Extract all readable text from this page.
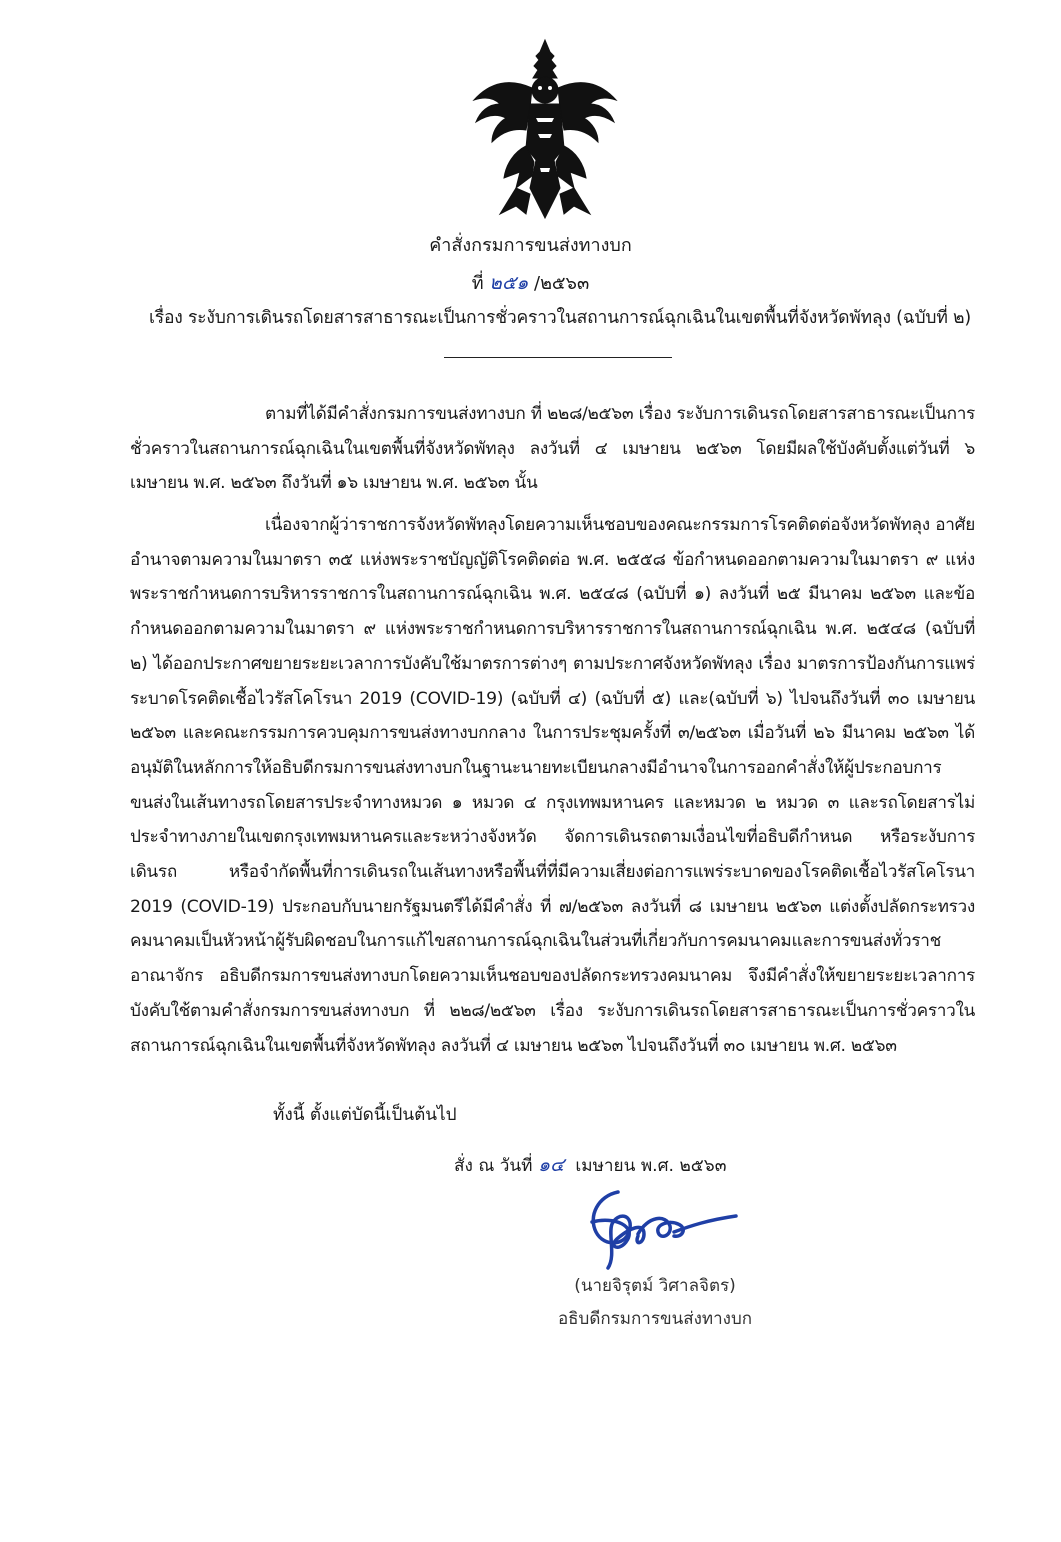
คำสั่งกรมการขนส่งทางบก
ที่ ๒๕๑ /๒๕๖๓
เรื่อง ระงับการเดินรถโดยสารสาธารณะเป็นการชั่วคราวในสถานการณ์ฉุกเฉินในเขตพื้นที่จังหวัดพัทลุง (ฉบับที่ ๒)

ตามที่ได้มีคำสั่งกรมการขนส่งทางบก ที่ ๒๒๘/๒๕๖๓ เรื่อง ระงับการเดินรถโดยสารสาธารณะเป็นการชั่วคราวในสถานการณ์ฉุกเฉินในเขตพื้นที่จังหวัดพัทลุง ลงวันที่ ๔ เมษายน ๒๕๖๓ โดยมีผลใช้บังคับตั้งแต่วันที่ ๖ เมษายน พ.ศ. ๒๕๖๓ ถึงวันที่ ๑๖ เมษายน พ.ศ. ๒๕๖๓ นั้น

เนื่องจากผู้ว่าราชการจังหวัดพัทลุงโดยความเห็นชอบของคณะกรรมการโรคติดต่อจังหวัดพัทลุง อาศัยอำนาจตามความในมาตรา ๓๕ แห่งพระราชบัญญัติโรคติดต่อ พ.ศ. ๒๕๕๘ ข้อกำหนดออกตามความในมาตรา ๙ แห่งพระราชกำหนดการบริหารราชการในสถานการณ์ฉุกเฉิน พ.ศ. ๒๕๔๘ (ฉบับที่ ๑) ลงวันที่ ๒๕ มีนาคม ๒๕๖๓ และข้อกำหนดออกตามความในมาตรา ๙ แห่งพระราชกำหนดการบริหารราชการในสถานการณ์ฉุกเฉิน พ.ศ. ๒๕๔๘ (ฉบับที่ ๒) ได้ออกประกาศขยายระยะเวลาการบังคับใช้มาตรการต่างๆ ตามประกาศจังหวัดพัทลุง เรื่อง มาตรการป้องกันการแพร่ระบาดโรคติดเชื้อไวรัสโคโรนา 2019 (COVID-19) (ฉบับที่ ๔) (ฉบับที่ ๕) และ(ฉบับที่ ๖) ไปจนถึงวันที่ ๓๐ เมษายน ๒๕๖๓ และคณะกรรมการควบคุมการขนส่งทางบกกลาง ในการประชุมครั้งที่ ๓/๒๕๖๓ เมื่อวันที่ ๒๖ มีนาคม ๒๕๖๓ ได้อนุมัติในหลักการให้อธิบดีกรมการขนส่งทางบกในฐานะนายทะเบียนกลางมีอำนาจในการออกคำสั่งให้ผู้ประกอบการขนส่งในเส้นทางรถโดยสารประจำทางหมวด ๑ หมวด ๔ กรุงเทพมหานคร และหมวด ๒ หมวด ๓ และรถโดยสารไม่ประจำทางภายในเขตกรุงเทพมหานครและระหว่างจังหวัด จัดการเดินรถตามเงื่อนไขที่อธิบดีกำหนด หรือระงับการเดินรถ หรือจำกัดพื้นที่การเดินรถในเส้นทางหรือพื้นที่ที่มีความเสี่ยงต่อการแพร่ระบาดของโรคติดเชื้อไวรัสโคโรนา 2019 (COVID-19) ประกอบกับนายกรัฐมนตรีได้มีคำสั่ง ที่ ๗/๒๕๖๓ ลงวันที่ ๘ เมษายน ๒๕๖๓ แต่งตั้งปลัดกระทรวงคมนาคมเป็นหัวหน้าผู้รับผิดชอบในการแก้ไขสถานการณ์ฉุกเฉินในส่วนที่เกี่ยวกับการคมนาคมและการขนส่งทั่วราชอาณาจักร อธิบดีกรมการขนส่งทางบกโดยความเห็นชอบของปลัดกระทรวงคมนาคม จึงมีคำสั่งให้ขยายระยะเวลาการบังคับใช้ตามคำสั่งกรมการขนส่งทางบก ที่ ๒๒๘/๒๕๖๓ เรื่อง ระงับการเดินรถโดยสารสาธารณะเป็นการชั่วคราวในสถานการณ์ฉุกเฉินในเขตพื้นที่จังหวัดพัทลุง ลงวันที่ ๔ เมษายน ๒๕๖๓ ไปจนถึงวันที่ ๓๐ เมษายน พ.ศ. ๒๕๖๓

ทั้งนี้ ตั้งแต่บัดนี้เป็นต้นไป
สั่ง ณ วันที่ ๑๔ เมษายน พ.ศ. ๒๕๖๓
(นายจิรุตม์ วิศาลจิตร)
อธิบดีกรมการขนส่งทางบก
